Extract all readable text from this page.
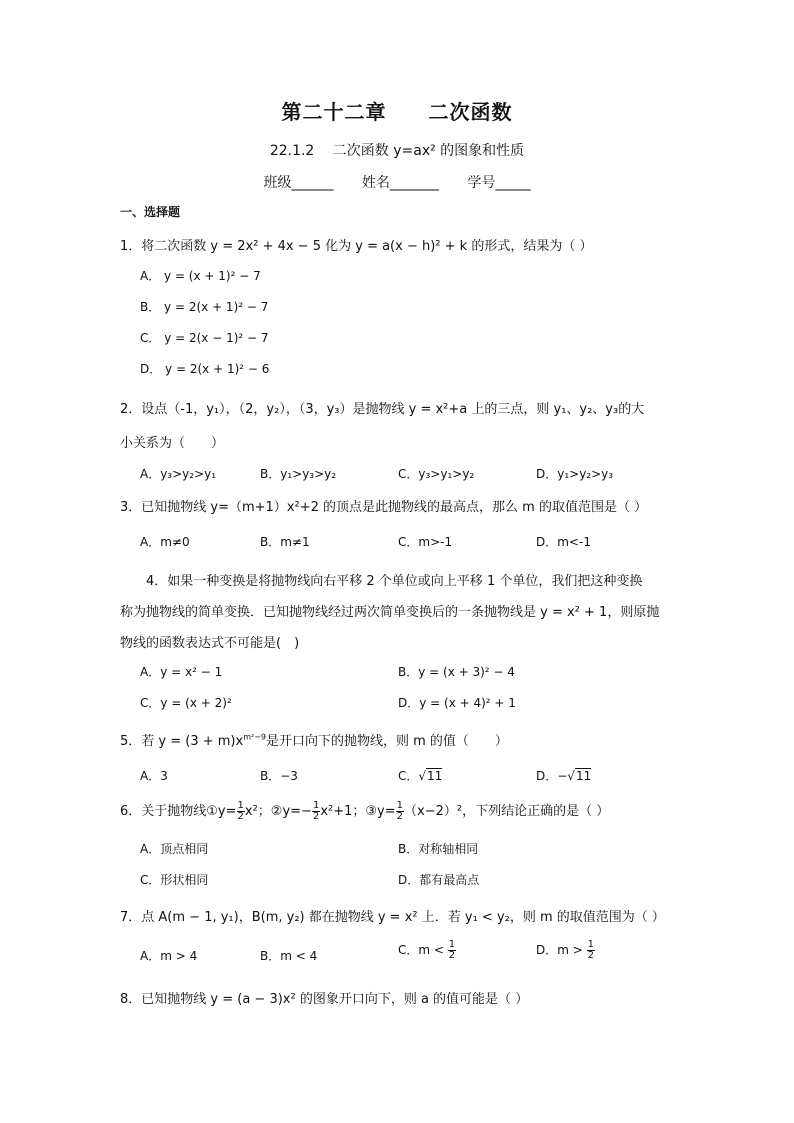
第二十二章　　二次函数
22.1.2　 二次函数 y=ax² 的图象和性质
班级______ 姓名_______ 学号_____
一、选择题
1．将二次函数 y = 2x² + 4x − 5 化为 y = a(x − h)² + k 的形式，结果为（ ）
A． y = (x + 1)² − 7
B． y = 2(x + 1)² − 7
C． y = 2(x − 1)² − 7
D． y = 2(x + 1)² − 6
2．设点（-1，y₁），（2，y₂），（3，y₃）是抛物线 y = x²+a 上的三点，则 y₁、y₂、y₃的大
小关系为（　　）
A．y₃>y₂>y₁	B．y₁>y₃>y₂	C．y₃>y₁>y₂	D．y₁>y₂>y₃
3．已知抛物线 y=（m+1）x²+2 的顶点是此抛物线的最高点，那么 m 的取值范围是（ ）
A．m≠0	B．m≠1	C．m>-1	D．m<-1
4．如果一种变换是将抛物线向右平移 2 个单位或向上平移 1 个单位，我们把这种变换
称为抛物线的简单变换．已知抛物线经过两次简单变换后的一条抛物线是 y = x² + 1，则原抛
物线的函数表达式不可能是(　)
A．y = x² − 1	B．y = (x + 3)² − 4
C．y = (x + 2)²	D．y = (x + 4)² + 1
5．若 $y = (3 + m)x^{m^2-9}$是开口向下的抛物线，则 m 的值（　　）
A．3	B．−3	C．√11	D．−√11
6．关于抛物线①y= $\frac{1}{2} x^2$；②y=− $\frac{1}{2} x^2+1$；③y= $\frac{1}{2} (x-2)^2$，下列结论正确的是（ ）
A．顶点相同	B．对称轴相同
C．形状相同	D．都有最高点
7．点 A(m − 1, y₁)，B(m, y₂) 都在抛物线 y = x² 上．若 y₁ < y₂，则 m 的取值范围为（ ）
A．m > 4	B．m < 4	C．$m < \frac{1}{2}$	D．$m > \frac{1}{2}$
8．已知抛物线 y = (a − 3)x² 的图象开口向下，则 a 的值可能是（ ）
